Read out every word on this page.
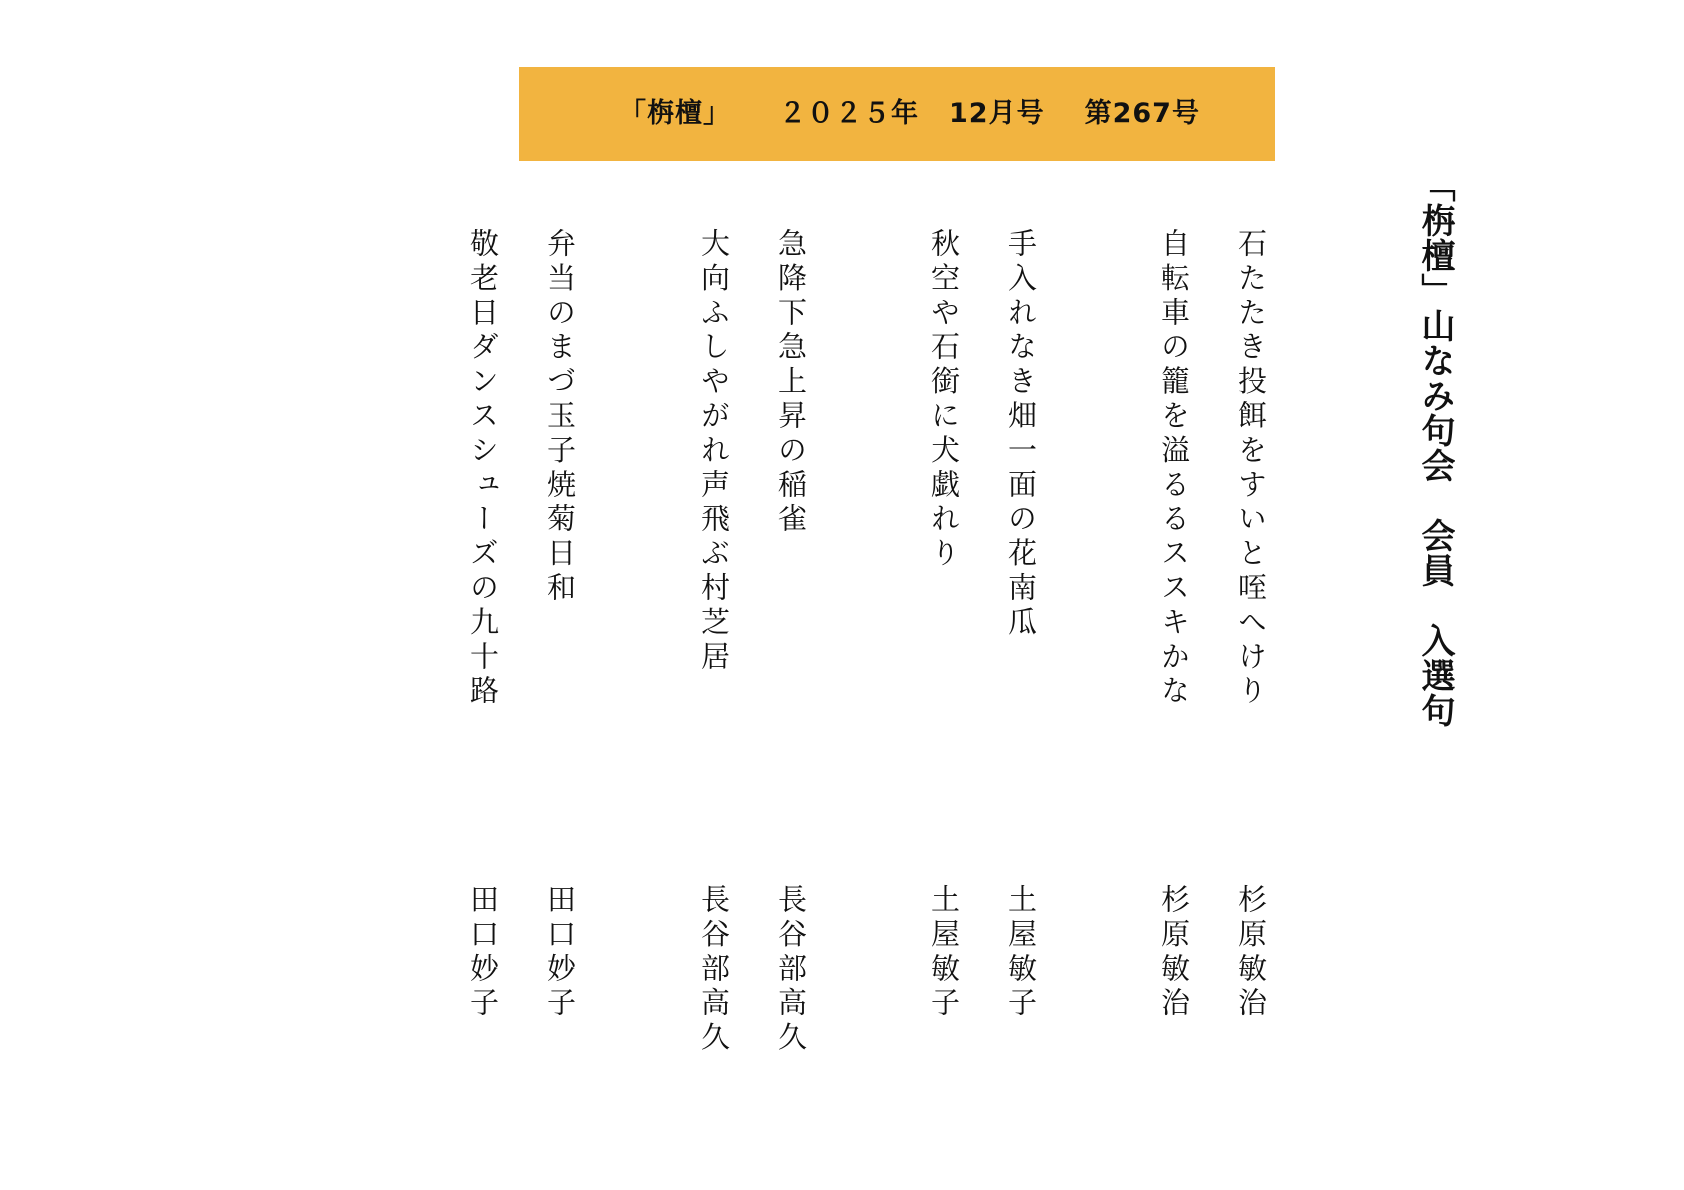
「栴檀」 ２０２５年 12月号 第267号
「栴檀」山なみ句会　会員　入選句
石たたき投餌をすいと咥へけり
自転車の籠を溢るるススキかな
手入れなき畑一面の花南瓜
秋空や石銜に犬戯れり
急降下急上昇の稲雀
大向ふしやがれ声飛ぶ村芝居
弁当のまづ玉子焼菊日和
敬老日ダンスシューズの九十路
杉原敏治
杉原敏治
土屋敏子
土屋敏子
長谷部高久
長谷部高久
田口妙子
田口妙子
